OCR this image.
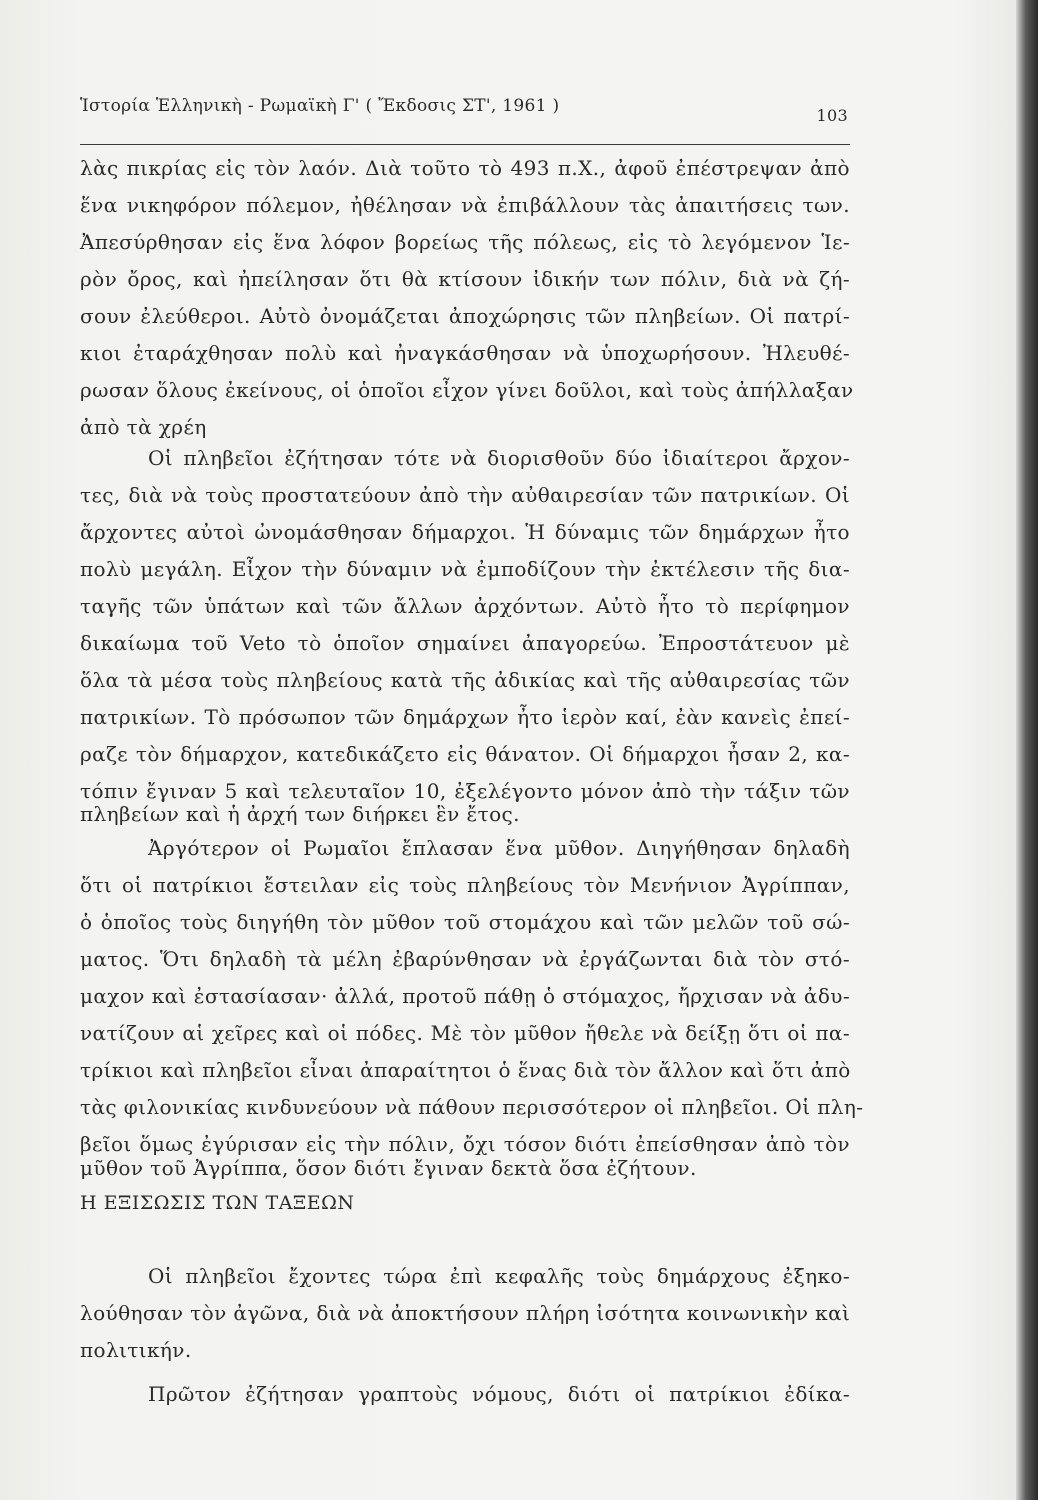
Ἱστορία Ἑλληνικὴ - Ρωμαϊκὴ Γ' ( Ἔκδοσις ΣΤ', 1961 )	103
λὰς πικρίας εἰς τὸν λαόν. Διὰ τοῦτο τὸ 493 π.Χ., ἀφοῦ ἐπέστρεψαν ἀπὸ
ἕνα νικηφόρον πόλεμον, ἠθέλησαν νὰ ἐπιβάλλουν τὰς ἀπαιτήσεις των.
Ἀπεσύρθησαν εἰς ἕνα λόφον βορείως τῆς πόλεως, εἰς τὸ λεγόμενον Ἱε-
ρὸν ὄρος, καὶ ἠπείλησαν ὅτι θὰ κτίσουν ἰδικήν των πόλιν, διὰ νὰ ζή-
σουν ἐλεύθεροι. Αὐτὸ ὀνομάζεται ἀποχώρησις τῶν πληβείων. Οἱ πατρί-
κιοι ἐταράχθησαν πολὺ καὶ ἠναγκάσθησαν νὰ ὑποχωρήσουν. Ἠλευθέ-
ρωσαν ὅλους ἐκείνους, οἱ ὁποῖοι εἶχον γίνει δοῦλοι, καὶ τοὺς ἀπήλλαξαν
ἀπὸ τὰ χρέη
Οἱ πληβεῖοι ἐζήτησαν τότε νὰ διορισθοῦν δύο ἰδιαίτεροι ἄρχον-
τες, διὰ νὰ τοὺς προστατεύουν ἀπὸ τὴν αὐθαιρεσίαν τῶν πατρικίων. Οἱ
ἄρχοντες αὐτοὶ ὠνομάσθησαν δήμαρχοι. Ἡ δύναμις τῶν δημάρχων ἦτο
πολὺ μεγάλη. Εἶχον τὴν δύναμιν νὰ ἐμποδίζουν τὴν ἐκτέλεσιν τῆς δια-
ταγῆς τῶν ὑπάτων καὶ τῶν ἄλλων ἀρχόντων. Αὐτὸ ἦτο τὸ περίφημον
δικαίωμα τοῦ Veto τὸ ὁποῖον σημαίνει ἀπαγορεύω. Ἐπροστάτευον μὲ
ὅλα τὰ μέσα τοὺς πληβείους κατὰ τῆς ἀδικίας καὶ τῆς αὐθαιρεσίας τῶν
πατρικίων. Τὸ πρόσωπον τῶν δημάρχων ἦτο ἱερὸν καί, ἐὰν κανεὶς ἐπεί-
ραζε τὸν δήμαρχον, κατεδικάζετο εἰς θάνατον. Οἱ δήμαρχοι ἦσαν 2, κα-
τόπιν ἔγιναν 5 καὶ τελευταῖον 10, ἐξελέγοντο μόνον ἀπὸ τὴν τάξιν τῶν
πληβείων καὶ ἡ ἀρχή των διήρκει ἓν ἔτος.
Ἀργότερον οἱ Ρωμαῖοι ἔπλασαν ἕνα μῦθον. Διηγήθησαν δηλαδὴ
ὅτι οἱ πατρίκιοι ἔστειλαν εἰς τοὺς πληβείους τὸν Μενήνιον Ἀγρίππαν,
ὁ ὁποῖος τοὺς διηγήθη τὸν μῦθον τοῦ στομάχου καὶ τῶν μελῶν τοῦ σώ-
ματος. Ὅτι δηλαδὴ τὰ μέλη ἐβαρύνθησαν νὰ ἐργάζωνται διὰ τὸν στό-
μαχον καὶ ἐστασίασαν· ἀλλά, προτοῦ πάθῃ ὁ στόμαχος, ἤρχισαν νὰ ἀδυ-
νατίζουν αἱ χεῖρες καὶ οἱ πόδες. Μὲ τὸν μῦθον ἤθελε νὰ δείξῃ ὅτι οἱ πα-
τρίκιοι καὶ πληβεῖοι εἶναι ἀπαραίτητοι ὁ ἕνας διὰ τὸν ἄλλον καὶ ὅτι ἀπὸ
τὰς φιλονικίας κινδυνεύουν νὰ πάθουν περισσότερον οἱ πληβεῖοι. Οἱ πλη-
βεῖοι ὅμως ἐγύρισαν εἰς τὴν πόλιν, ὄχι τόσον διότι ἐπείσθησαν ἀπὸ τὸν
μῦθον τοῦ Ἀγρίππα, ὅσον διότι ἔγιναν δεκτὰ ὅσα ἐζήτουν.
Η ΕΞΙΣΩΣΙΣ ΤΩΝ ΤΑΞΕΩΝ
Οἱ πληβεῖοι ἔχοντες τώρα ἐπὶ κεφαλῆς τοὺς δημάρχους ἐξηκο-
λούθησαν τὸν ἀγῶνα, διὰ νὰ ἀποκτήσουν πλήρη ἰσότητα κοινωνικὴν καὶ
πολιτικήν.
Πρῶτον ἐζήτησαν γραπτοὺς νόμους, διότι οἱ πατρίκιοι ἐδίκα-
